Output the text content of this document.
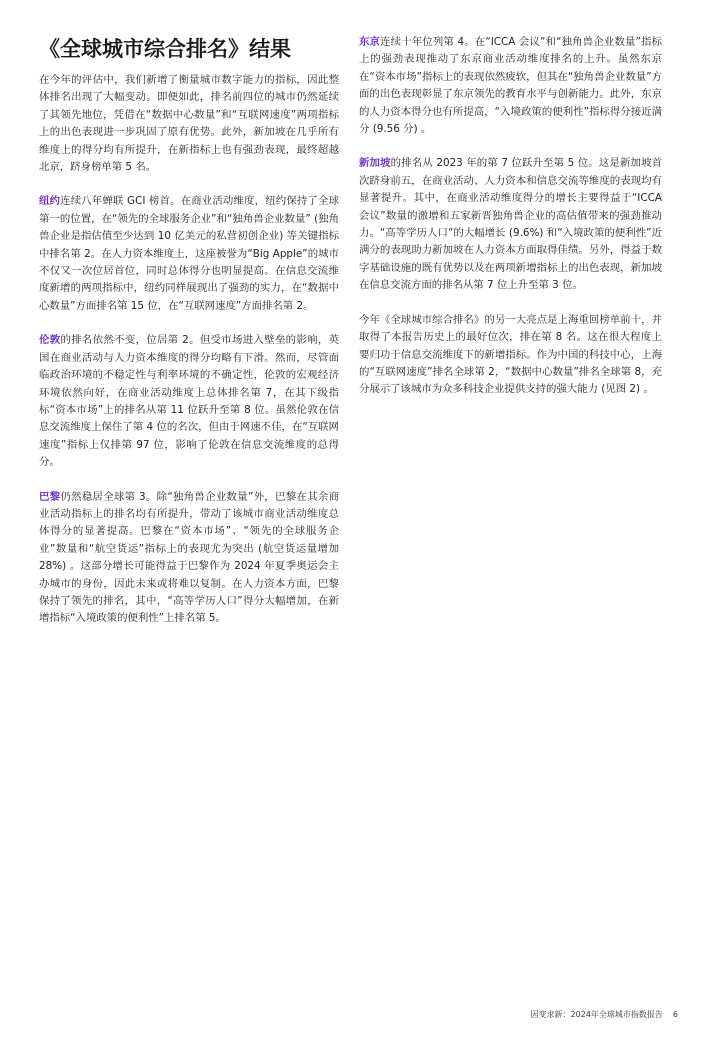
《全球城市综合排名》结果

在今年的评估中，我们新增了衡量城市数字能力的指标，因此整体排名出现了大幅变动。即便如此，排名前四位的城市仍然延续了其领先地位，凭借在“数据中心数量”和“互联网速度”两项指标上的出色表现进一步巩固了原有优势。此外，新加坡在几乎所有维度上的得分均有所提升，在新指标上也有强劲表现，最终超越北京，跻身榜单第 5 名。

纽约连续八年蝉联 GCI 榜首。在商业活动维度，纽约保持了全球第一的位置，在“领先的全球服务企业”和“独角兽企业数量” (独角兽企业是指估值至少达到 10 亿美元的私营初创企业) 等关键指标中排名第 2。在人力资本维度上，这座被誉为“Big Apple”的城市不仅又一次位居首位，同时总体得分也明显提高。在信息交流维度新增的两项指标中，纽约同样展现出了强劲的实力，在“数据中心数量”方面排名第 15 位，在“互联网速度”方面排名第 2。

伦敦的排名依然不变，位居第 2。但受市场进入壁垒的影响，英国在商业活动与人力资本维度的得分均略有下滑。然而，尽管面临政治环境的不稳定性与利率环境的不确定性，伦敦的宏观经济环境依然向好，在商业活动维度上总体排名第 7，在其下级指标“资本市场”上的排名从第 11 位跃升至第 8 位。虽然伦敦在信息交流维度上保住了第 4 位的名次，但由于网速不佳，在“互联网速度”指标上仅排第 97 位，影响了伦敦在信息交流维度的总得分。

巴黎仍然稳居全球第 3。除“独角兽企业数量”外，巴黎在其余商业活动指标上的排名均有所提升，带动了该城市商业活动维度总体得分的显著提高。巴黎在“资本市场”、“领先的全球服务企业”数量和“航空货运”指标上的表现尤为突出 (航空货运量增加 28%) 。这部分增长可能得益于巴黎作为 2024 年夏季奥运会主办城市的身份，因此未来或将难以复制。在人力资本方面，巴黎保持了领先的排名，其中，“高等学历人口”得分大幅增加，在新增指标“入境政策的便利性”上排名第 5。

东京连续十年位列第 4。在“ICCA 会议”和“独角兽企业数量”指标上的强劲表现推动了东京商业活动维度排名的上升。虽然东京在“资本市场”指标上的表现依然疲软，但其在“独角兽企业数量”方面的出色表现彰显了东京领先的教育水平与创新能力。此外，东京的人力资本得分也有所提高，“入境政策的便利性”指标得分接近满分 (9.56 分) 。

新加坡的排名从 2023 年的第 7 位跃升至第 5 位。这是新加坡首次跻身前五，在商业活动、人力资本和信息交流等维度的表现均有显著提升。其中，在商业活动维度得分的增长主要得益于“ICCA 会议”数量的激增和五家新晋独角兽企业的高估值带来的强劲推动力。“高等学历人口”的大幅增长 (9.6%) 和“入境政策的便利性”近满分的表现助力新加坡在人力资本方面取得佳绩。另外，得益于数字基础设施的既有优势以及在两项新增指标上的出色表现，新加坡在信息交流方面的排名从第 7 位上升至第 3 位。

今年《全球城市综合排名》的另一大亮点是上海重回榜单前十，并取得了本报告历史上的最好位次，排在第 8 名。这在很大程度上要归功于信息交流维度下的新增指标。作为中国的科技中心，上海的“互联网速度”排名全球第 2，“数据中心数量”排名全球第 8，充分展示了该城市为众多科技企业提供支持的强大能力 (见图 2) 。

因变求新：2024年全球城市指数报告 6
